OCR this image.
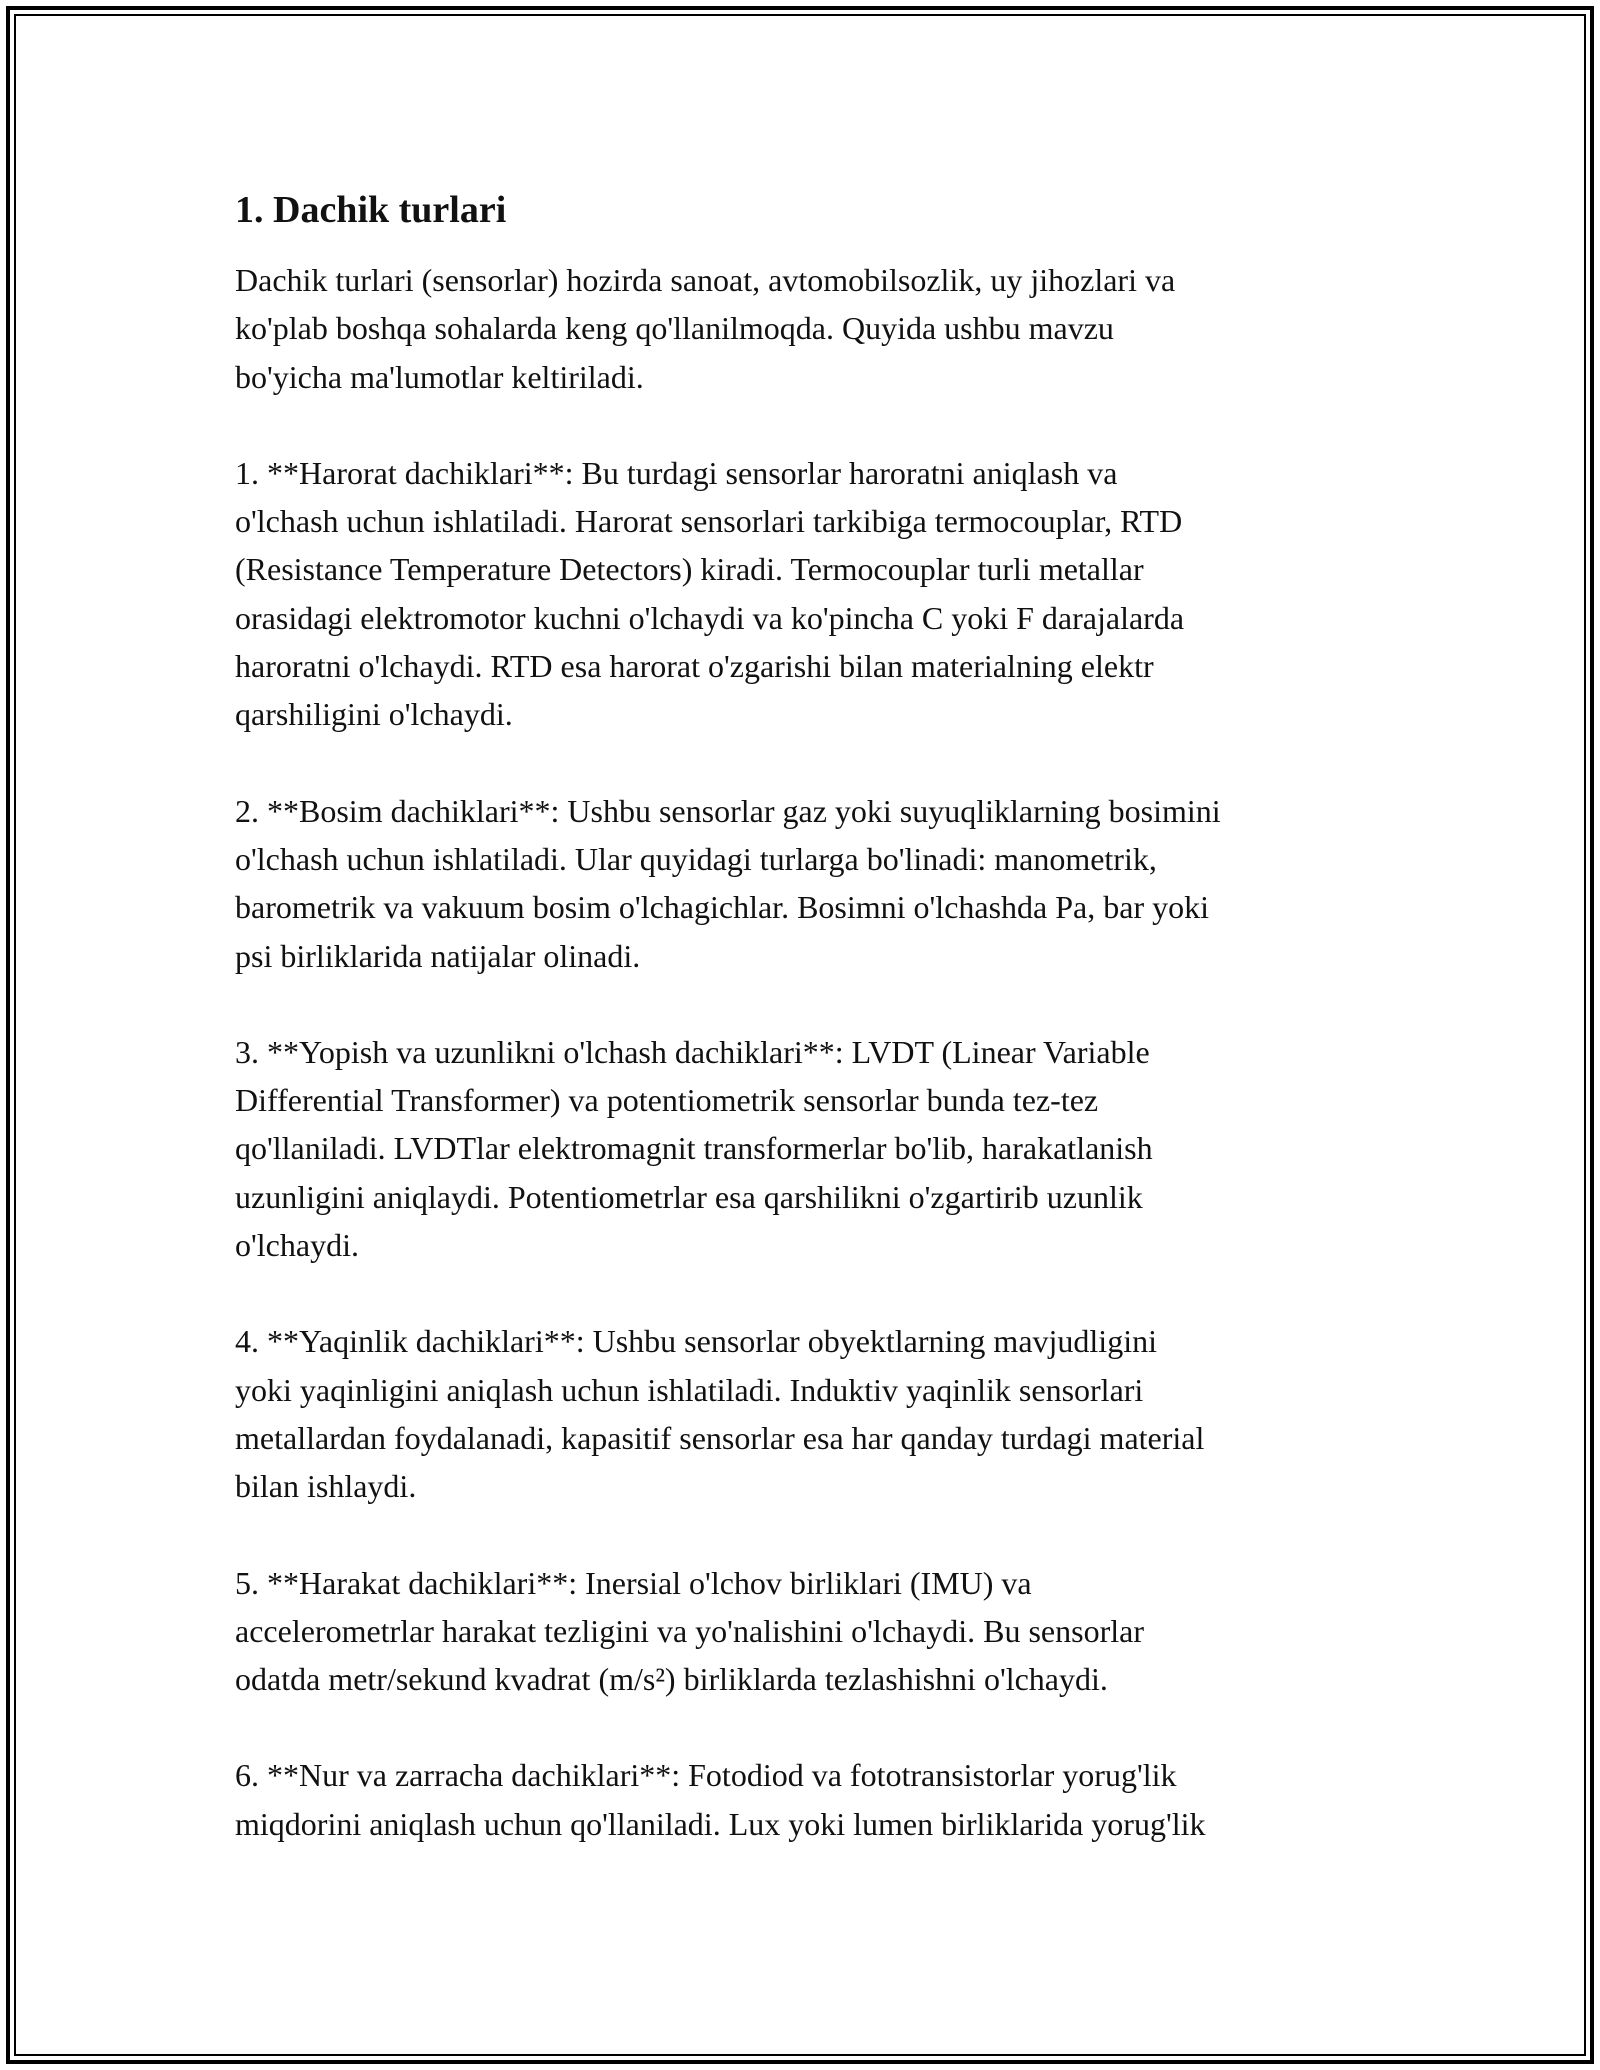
1. Dachik turlari
Dachik turlari (sensorlar) hozirda sanoat, avtomobilsozlik, uy jihozlari va
ko'plab boshqa sohalarda keng qo'llanilmoqda. Quyida ushbu mavzu
bo'yicha ma'lumotlar keltiriladi.
1. **Harorat dachiklari**: Bu turdagi sensorlar haroratni aniqlash va
o'lchash uchun ishlatiladi. Harorat sensorlari tarkibiga termocouplar, RTD
(Resistance Temperature Detectors) kiradi. Termocouplar turli metallar
orasidagi elektromotor kuchni o'lchaydi va ko'pincha C yoki F darajalarda
haroratni o'lchaydi. RTD esa harorat o'zgarishi bilan materialning elektr
qarshiligini o'lchaydi.
2. **Bosim dachiklari**: Ushbu sensorlar gaz yoki suyuqliklarning bosimini
o'lchash uchun ishlatiladi. Ular quyidagi turlarga bo'linadi: manometrik,
barometrik va vakuum bosim o'lchagichlar. Bosimni o'lchashda Pa, bar yoki
psi birliklarida natijalar olinadi.
3. **Yopish va uzunlikni o'lchash dachiklari**: LVDT (Linear Variable
Differential Transformer) va potentiometrik sensorlar bunda tez-tez
qo'llaniladi. LVDTlar elektromagnit transformerlar bo'lib, harakatlanish
uzunligini aniqlaydi. Potentiometrlar esa qarshilikni o'zgartirib uzunlik
o'lchaydi.
4. **Yaqinlik dachiklari**: Ushbu sensorlar obyektlarning mavjudligini
yoki yaqinligini aniqlash uchun ishlatiladi. Induktiv yaqinlik sensorlari
metallardan foydalanadi, kapasitif sensorlar esa har qanday turdagi material
bilan ishlaydi.
5. **Harakat dachiklari**: Inersial o'lchov birliklari (IMU) va
accelerometrlar harakat tezligini va yo'nalishini o'lchaydi. Bu sensorlar
odatda metr/sekund kvadrat (m/s²) birliklarda tezlashishni o'lchaydi.
6. **Nur va zarracha dachiklari**: Fotodiod va fototransistorlar yorug'lik
miqdorini aniqlash uchun qo'llaniladi. Lux yoki lumen birliklarida yorug'lik
